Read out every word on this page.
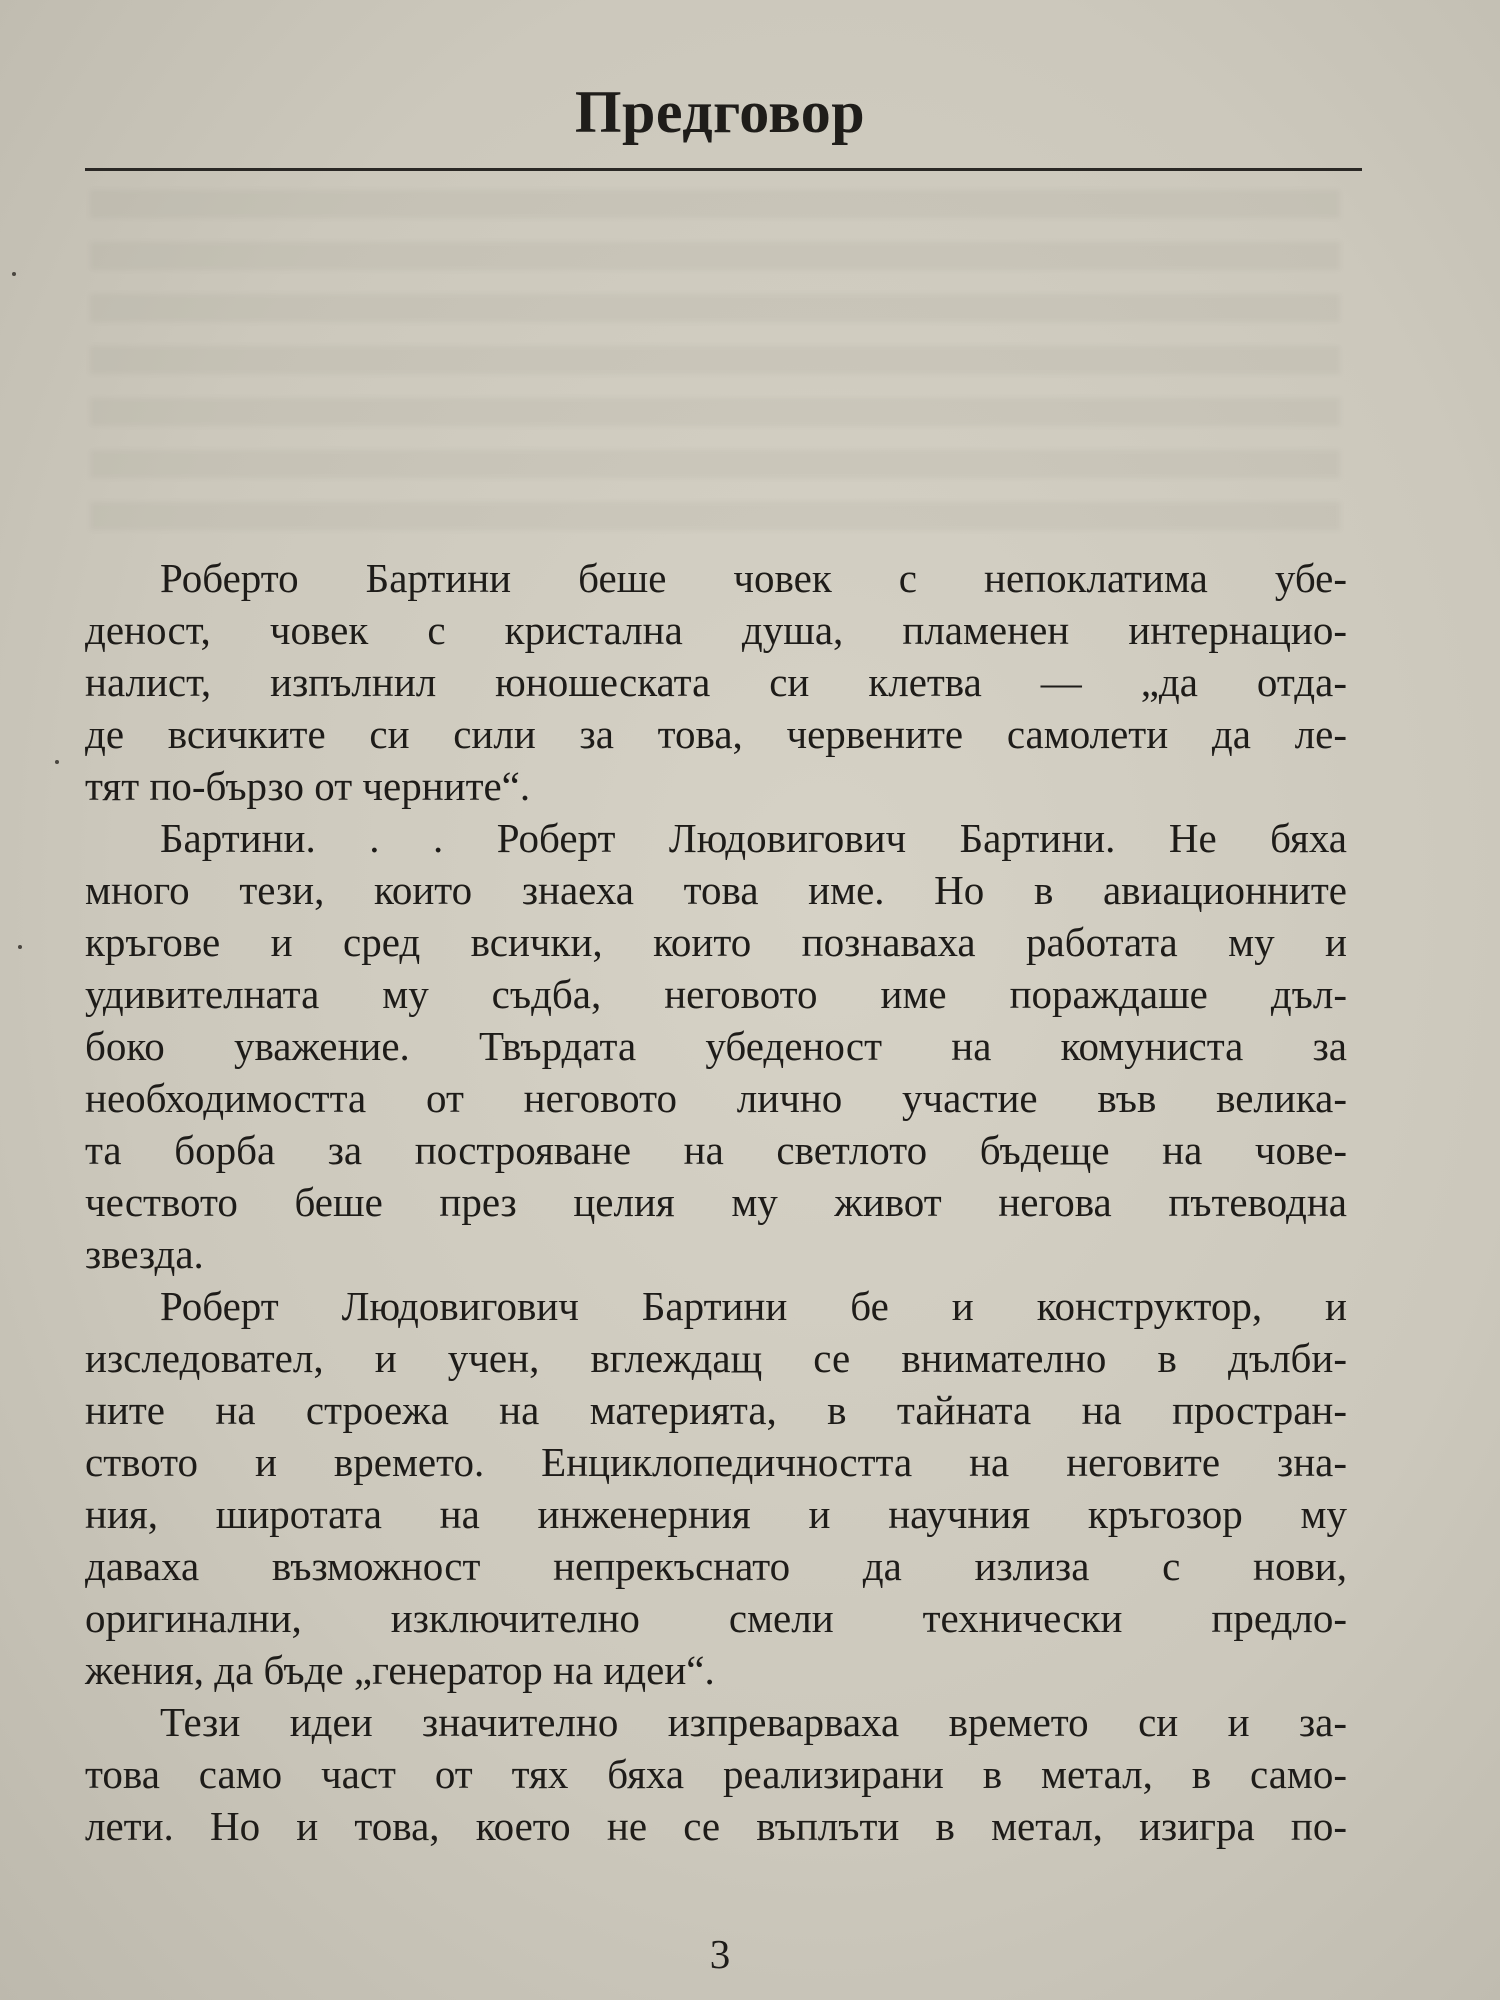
Предговор
Роберто Бартини беше човек с непоклатима убе-
деност, човек с кристална душа, пламенен интернацио-
налист, изпълнил юношеската си клетва — „да отда-
де всичките си сили за това, червените самолети да ле-
тят по-бързо от черните“.
Бартини. . . Роберт Людовигович Бартини. Не бяха
много тези, които знаеха това име. Но в авиационните
кръгове и сред всички, които познаваха работата му и
удивителната му съдба, неговото име пораждаше дъл-
боко уважение. Твърдата убеденост на комуниста за
необходимостта от неговото лично участие във велика-
та борба за построяване на светлото бъдеще на чове-
чеството беше през целия му живот негова пътеводна
звезда.
Роберт Людовигович Бартини бе и конструктор, и
изследовател, и учен, вглеждащ се внимателно в дълби-
ните на строежа на материята, в тайната на простран-
ството и времето. Енциклопедичността на неговите зна-
ния, широтата на инженерния и научния кръгозор му
даваха възможност непрекъснато да излиза с нови,
оригинални, изключително смели технически предло-
жения, да бъде „генератор на идеи“.
Тези идеи значително изпреварваха времето си и за-
това само част от тях бяха реализирани в метал, в само-
лети. Но и това, което не се въплъти в метал, изигра по-
3
